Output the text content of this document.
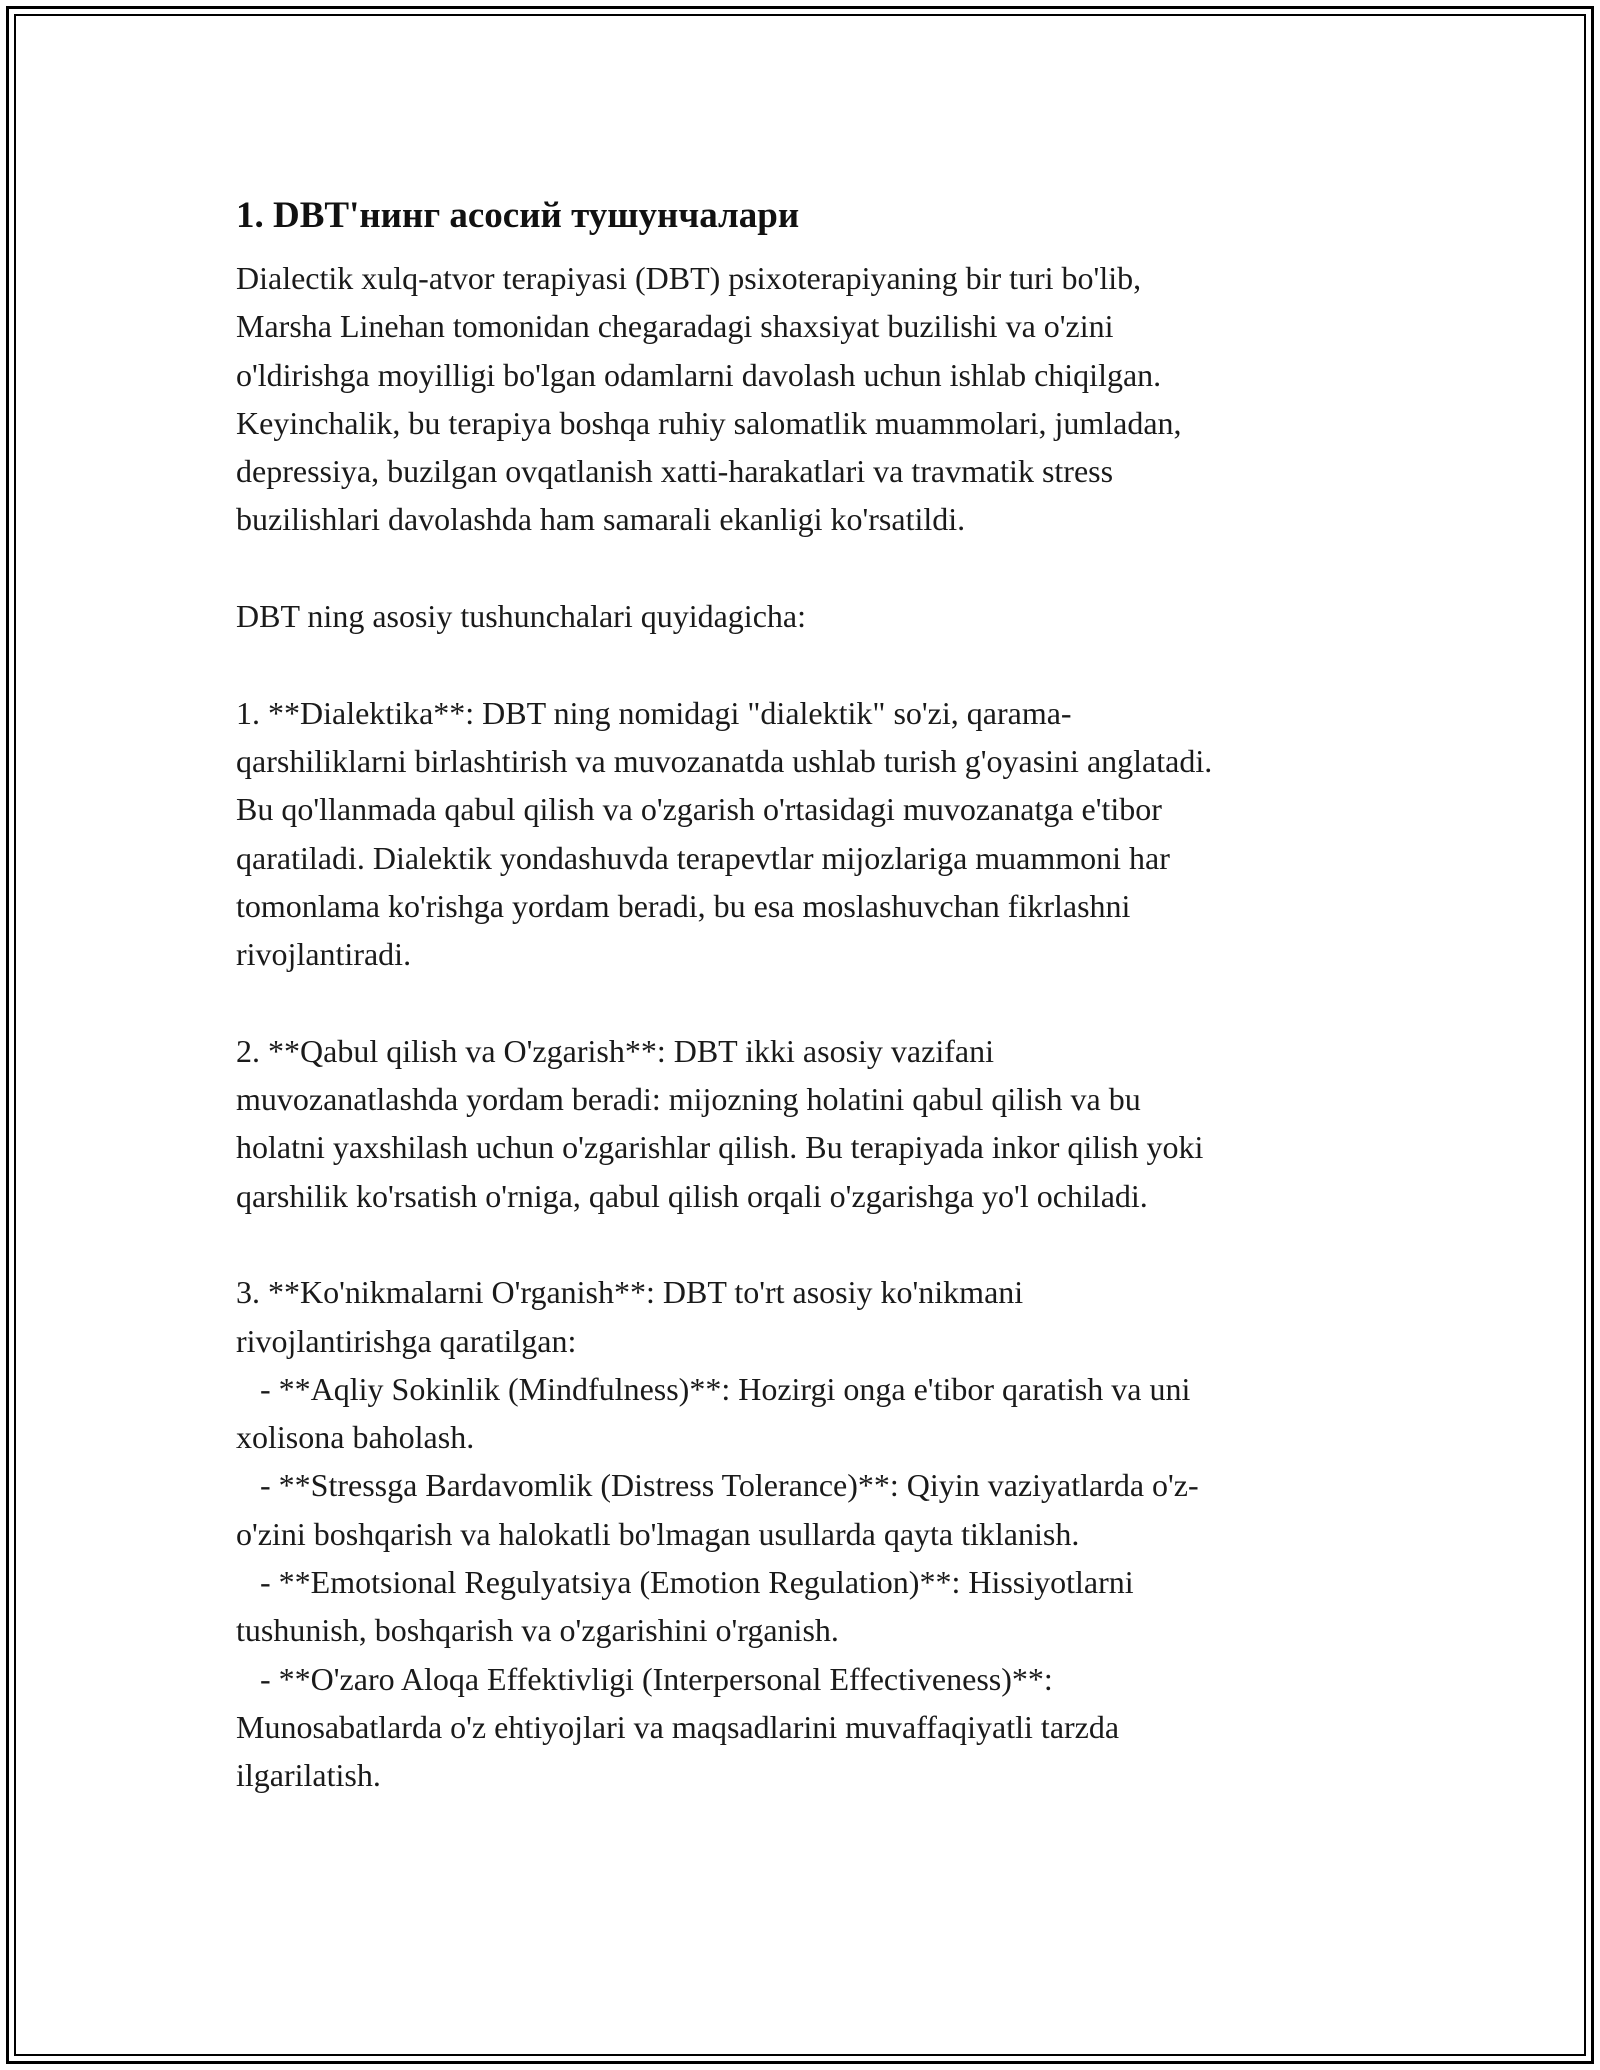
1. DBT'нинг асосий тушунчалари
Dialectik xulq-atvor terapiyasi (DBT) psixoterapiyaning bir turi bo'lib,
Marsha Linehan tomonidan chegaradagi shaxsiyat buzilishi va o'zini
o'ldirishga moyilligi bo'lgan odamlarni davolash uchun ishlab chiqilgan.
Keyinchalik, bu terapiya boshqa ruhiy salomatlik muammolari, jumladan,
depressiya, buzilgan ovqatlanish xatti-harakatlari va travmatik stress
buzilishlari davolashda ham samarali ekanligi ko'rsatildi.
DBT ning asosiy tushunchalari quyidagicha:
1. **Dialektika**: DBT ning nomidagi "dialektik" so'zi, qarama-
qarshiliklarni birlashtirish va muvozanatda ushlab turish g'oyasini anglatadi.
Bu qo'llanmada qabul qilish va o'zgarish o'rtasidagi muvozanatga e'tibor
qaratiladi. Dialektik yondashuvda terapevtlar mijozlariga muammoni har
tomonlama ko'rishga yordam beradi, bu esa moslashuvchan fikrlashni
rivojlantiradi.
2. **Qabul qilish va O'zgarish**: DBT ikki asosiy vazifani
muvozanatlashda yordam beradi: mijozning holatini qabul qilish va bu
holatni yaxshilash uchun o'zgarishlar qilish. Bu terapiyada inkor qilish yoki
qarshilik ko'rsatish o'rniga, qabul qilish orqali o'zgarishga yo'l ochiladi.
3. **Ko'nikmalarni O'rganish**: DBT to'rt asosiy ko'nikmani
rivojlantirishga qaratilgan:
- **Aqliy Sokinlik (Mindfulness)**: Hozirgi onga e'tibor qaratish va uni
xolisona baholash.
- **Stressga Bardavomlik (Distress Tolerance)**: Qiyin vaziyatlarda o'z-
o'zini boshqarish va halokatli bo'lmagan usullarda qayta tiklanish.
- **Emotsional Regulyatsiya (Emotion Regulation)**: Hissiyotlarni
tushunish, boshqarish va o'zgarishini o'rganish.
- **O'zaro Aloqa Effektivligi (Interpersonal Effectiveness)**:
Munosabatlarda o'z ehtiyojlari va maqsadlarini muvaffaqiyatli tarzda
ilgarilatish.
